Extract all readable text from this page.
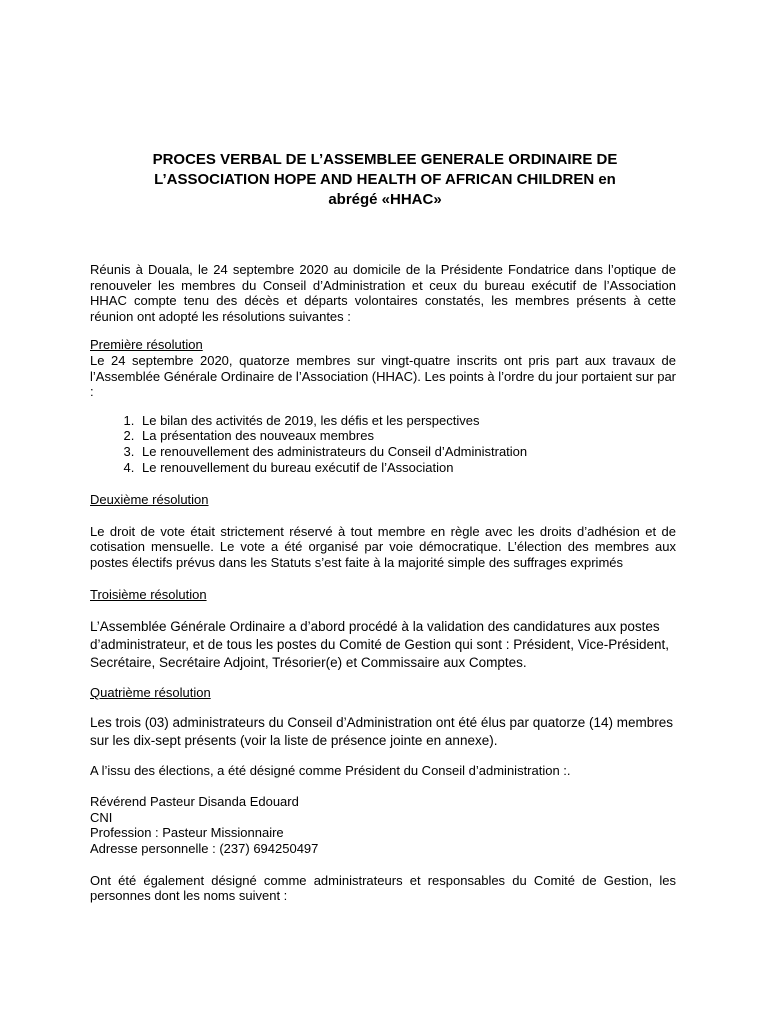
PROCES VERBAL DE L’ASSEMBLEE GENERALE ORDINAIRE DE
L’ASSOCIATION HOPE AND HEALTH OF AFRICAN CHILDREN en
abrégé «HHAC»

Réunis à Douala, le 24 septembre 2020 au domicile de la Présidente Fondatrice dans l’optique de renouveler les membres du Conseil d’Administration et ceux du bureau exécutif de l’Association HHAC compte tenu des décès et départs volontaires constatés, les membres présents à cette réunion ont adopté les résolutions suivantes :

Première résolution

Le 24 septembre 2020, quatorze membres sur vingt-quatre inscrits ont pris part aux travaux de l’Assemblée Générale Ordinaire de l’Association (HHAC). Les points à l’ordre du jour portaient sur par :

1. Le bilan des activités de 2019, les défis et les perspectives
2. La présentation des nouveaux membres
3. Le renouvellement des administrateurs du Conseil d’Administration
4. Le renouvellement du bureau exécutif de l’Association

Deuxième résolution

Le droit de vote était strictement réservé à tout membre en règle avec les droits d’adhésion et de cotisation mensuelle. Le vote a été organisé par voie démocratique. L’élection des membres aux postes électifs prévus dans les Statuts s’est faite à la majorité simple des suffrages exprimés

Troisième résolution

L’Assemblée Générale Ordinaire a d’abord procédé à la validation des candidatures aux postes d’administrateur, et de tous les postes du Comité de Gestion qui sont : Président, Vice-Président, Secrétaire, Secrétaire Adjoint, Trésorier(e) et Commissaire aux Comptes.

Quatrième résolution

Les trois (03) administrateurs du Conseil d’Administration ont été élus par quatorze (14) membres sur les dix-sept présents (voir la liste de présence jointe en annexe).

A l’issu des élections, a été désigné comme Président du Conseil d’administration :.

Révérend Pasteur Disanda Edouard

CNI

Profession : Pasteur Missionnaire

Adresse personnelle : (237) 694250497

Ont été également désigné comme administrateurs et responsables du Comité de Gestion, les personnes dont les noms suivent :
